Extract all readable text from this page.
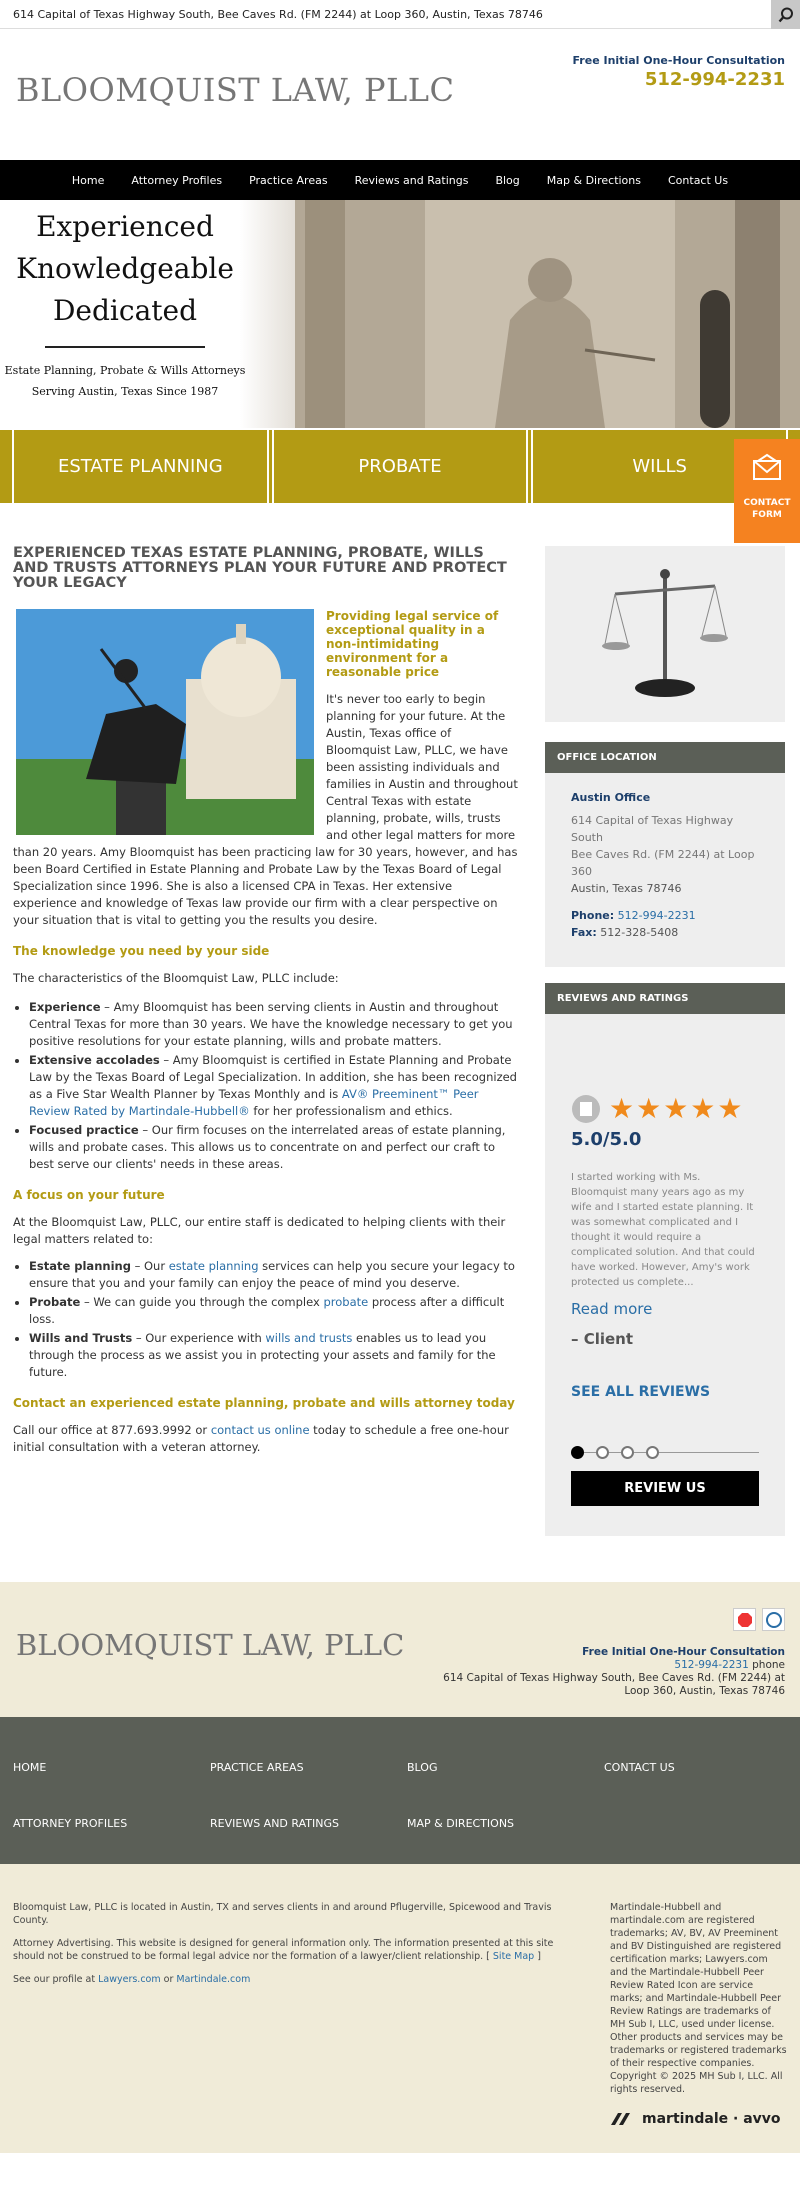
614 Capital of Texas Highway South, Bee Caves Rd. (FM 2244) at Loop 360, Austin, Texas 78746
BLOOMQUIST LAW, PLLC
Free Initial One-Hour Consultation
512-994-2231
Home Attorney Profiles Practice Areas Reviews and Ratings Blog Map & Directions Contact Us
Experienced
Knowledgeable
Dedicated
Estate Planning, Probate & Wills Attorneys
Serving Austin, Texas Since 1987
ESTATE PLANNING	PROBATE	WILLS
CONTACT
FORM
EXPERIENCED TEXAS ESTATE PLANNING, PROBATE, WILLS AND TRUSTS ATTORNEYS PLAN YOUR FUTURE AND PROTECT YOUR LEGACY

Providing legal service of exceptional quality in a non-intimidating environment for a reasonable price

It's never too early to begin planning for your future. At the Austin, Texas office of Bloomquist Law, PLLC, we have been assisting individuals and families in Austin and throughout Central Texas with estate planning, probate, wills, trusts and other legal matters for more than 20 years. Amy Bloomquist has been practicing law for 30 years, however, and has been Board Certified in Estate Planning and Probate Law by the Texas Board of Legal Specialization since 1996. She is also a licensed CPA in Texas. Her extensive experience and knowledge of Texas law provide our firm with a clear perspective on your situation that is vital to getting you the results you desire.

The knowledge you need by your side

The characteristics of the Bloomquist Law, PLLC include:

• Experience – Amy Bloomquist has been serving clients in Austin and throughout Central Texas for more than 30 years. We have the knowledge necessary to get you positive resolutions for your estate planning, wills and probate matters.
• Extensive accolades – Amy Bloomquist is certified in Estate Planning and Probate Law by the Texas Board of Legal Specialization. In addition, she has been recognized as a Five Star Wealth Planner by Texas Monthly and is AV® Preeminent™ Peer Review Rated by Martindale-Hubbell® for her professionalism and ethics.
• Focused practice – Our firm focuses on the interrelated areas of estate planning, wills and probate cases. This allows us to concentrate on and perfect our craft to best serve our clients' needs in these areas.
A focus on your future

At the Bloomquist Law, PLLC, our entire staff is dedicated to helping clients with their legal matters related to:

• Estate planning – Our estate planning services can help you secure your legacy to ensure that you and your family can enjoy the peace of mind you deserve.
• Probate – We can guide you through the complex probate process after a difficult loss.
• Wills and Trusts – Our experience with wills and trusts enables us to lead you through the process as we assist you in protecting your assets and family for the future.
Contact an experienced estate planning, probate and wills attorney today

Call our office at 877.693.9992 or contact us online today to schedule a free one-hour initial consultation with a veteran attorney.

OFFICE LOCATION
Austin Office
614 Capital of Texas Highway South
Bee Caves Rd. (FM 2244) at Loop 360
Austin, Texas 78746
Phone: 512-994-2231
Fax: 512-328-5408
REVIEWS AND RATINGS
★★★★★
5.0/5.0
I started working with Ms. Bloomquist many years ago as my wife and I started estate planning. It was somewhat complicated and I thought it would require a complicated solution. And that could have worked. However, Amy's work protected us complete...
Read more
– Client
SEE ALL REVIEWS
REVIEW US
BLOOMQUIST LAW, PLLC	Free Initial One-Hour Consultation
512-994-2231 phone
614 Capital of Texas Highway South, Bee Caves Rd. (FM 2244) at Loop 360, Austin, Texas 78746
HOME	PRACTICE AREAS	BLOG	CONTACT US
ATTORNEY PROFILES	REVIEWS AND RATINGS	MAP & DIRECTIONS

Bloomquist Law, PLLC is located in Austin, TX and serves clients in and around Pflugerville, Spicewood and Travis County.

Attorney Advertising. This website is designed for general information only. The information presented at this site should not be construed to be formal legal advice nor the formation of a lawyer/client relationship. [ Site Map ]

See our profile at Lawyers.com or Martindale.com

Martindale-Hubbell and martindale.com are registered trademarks; AV, BV, AV Preeminent and BV Distinguished are registered certification marks; Lawyers.com and the Martindale-Hubbell Peer Review Rated Icon are service marks; and Martindale-Hubbell Peer Review Ratings are trademarks of MH Sub I, LLC, used under license. Other products and services may be trademarks or registered trademarks of their respective companies. Copyright © 2025 MH Sub I, LLC. All rights reserved.
martindale · avvo
